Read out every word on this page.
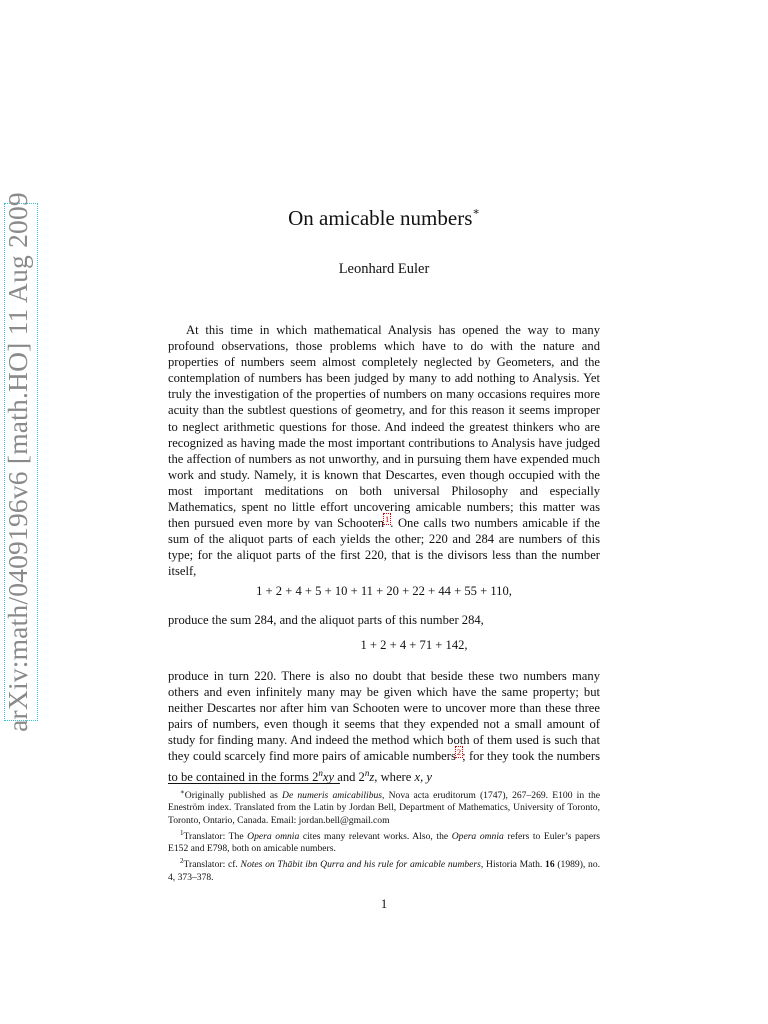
arXiv:math/0409196v6 [math.HO] 11 Aug 2009	On amicable numbers∗
Leonhard Euler
At this time in which mathematical Analysis has opened the way to many profound observations, those problems which have to do with the nature and properties of numbers seem almost completely neglected by Geometers, and the contemplation of numbers has been judged by many to add nothing to Analysis. Yet truly the investigation of the properties of numbers on many occasions requires more acuity than the subtlest questions of geometry, and for this reason it seems improper to neglect arithmetic questions for those. And indeed the greatest thinkers who are recognized as having made the most important contributions to Analysis have judged the affection of numbers as not unworthy, and in pursuing them have expended much work and study. Namely, it is known that Descartes, even though occupied with the most important meditations on both universal Philosophy and especially Mathematics, spent no little effort uncovering amicable numbers; this matter was then pursued even more by van Schooten$^1$. One calls two numbers amicable if the sum of the aliquot parts of each yields the other; 220 and 284 are numbers of this type; for the aliquot parts of the first 220, that is the divisors less than the number itself,
1 + 2 + 4 + 5 + 10 + 11 + 20 + 22 + 44 + 55 + 110,
produce the sum 284, and the aliquot parts of this number 284,
1 + 2 + 4 + 71 + 142,
produce in turn 220. There is also no doubt that beside these two numbers many others and even infinitely many may be given which have the same property; but neither Descartes nor after him van Schooten were to uncover more than these three pairs of numbers, even though it seems that they expended not a small amount of study for finding many. And indeed the method which both of them used is such that they could scarcely find more pairs of amicable numbers$^2$; for they took the numbers to be contained in the forms 2$^n$xy and 2$^n$z, where x, y
∗Originally published as De numeris amicabilibus, Nova acta eruditorum (1747), 267–269. E100 in the Eneström index. Translated from the Latin by Jordan Bell, Department of Mathematics, University of Toronto, Toronto, Ontario, Canada. Email: jordan.bell@gmail.com
$^1$Translator: The Opera omnia cites many relevant works. Also, the Opera omnia refers to Euler’s papers E152 and E798, both on amicable numbers.
$^2$Translator: cf. Notes on Thābit ibn Qurra and his rule for amicable numbers, Historia Math. 16 (1989), no. 4, 373–378.
1
